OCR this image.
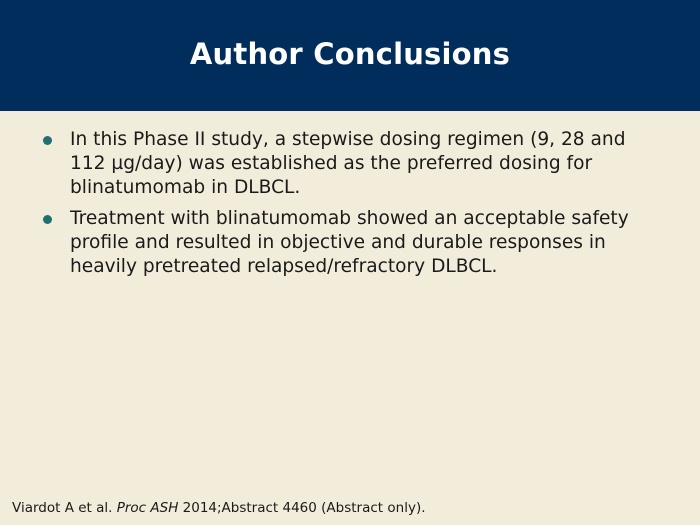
Author Conclusions
In this Phase II study, a stepwise dosing regimen (9, 28 and 112 µg/day) was established as the preferred dosing for blinatumomab in DLBCL.
Treatment with blinatumomab showed an acceptable safety profile and resulted in objective and durable responses in heavily pretreated relapsed/refractory DLBCL.
Viardot A et al. Proc ASH 2014;Abstract 4460 (Abstract only).
